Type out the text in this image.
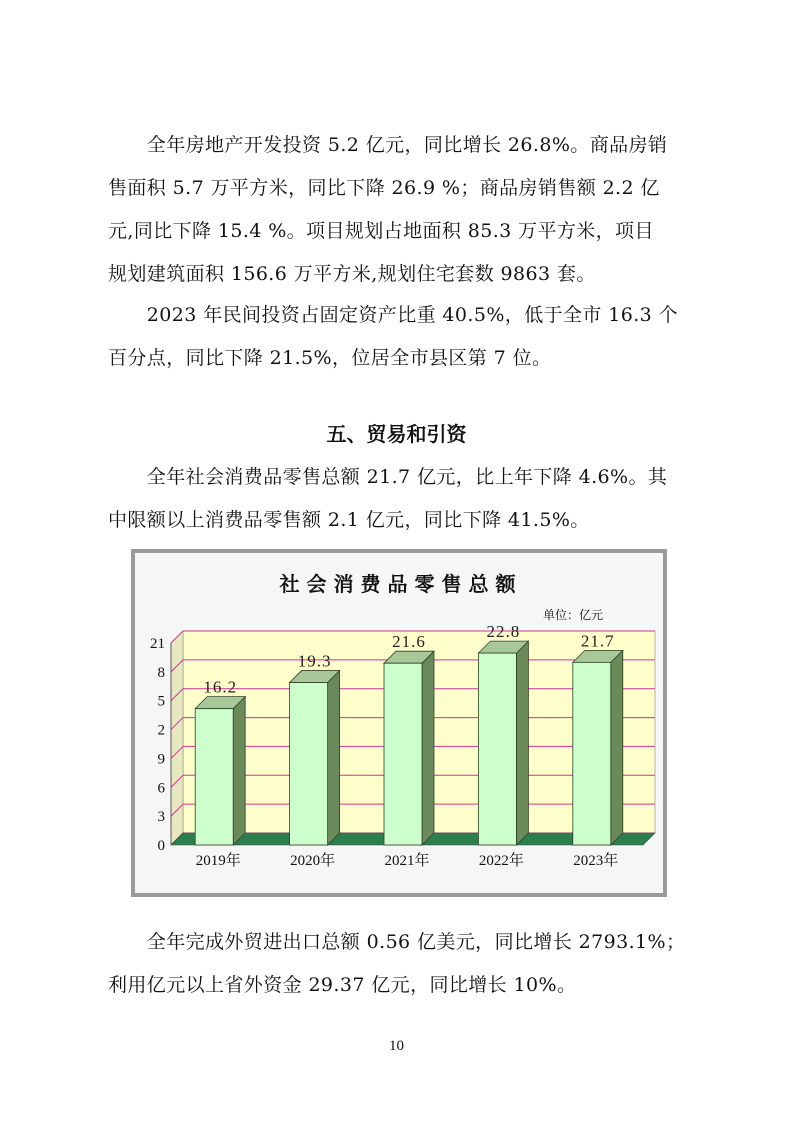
　　全年房地产开发投资 5.2 亿元，同比增长 26.8%。商品房销
售面积 5.7 万平方米，同比下降 26.9 %；商品房销售额 2.2 亿
元,同比下降 15.4 %。项目规划占地面积 85.3 万平方米，项目
规划建筑面积 156.6 万平方米,规划住宅套数 9863 套。
　　2023 年民间投资占固定资产比重 40.5%，低于全市 16.3 个
百分点，同比下降 21.5%，位居全市县区第 7 位。
五、贸易和引资
　　全年社会消费品零售总额 21.7 亿元，比上年下降 4.6%。其
中限额以上消费品零售额 2.1 亿元，同比下降 41.5%。
社会消费品零售总额
单位：亿元
0
3
6
9
2
5
8
21
16.2
2019年
19.3
2020年
21.6
2021年
22.8
2022年
21.7
2023年
　　全年完成外贸进出口总额 0.56 亿美元，同比增长 2793.1%；
利用亿元以上省外资金 29.37 亿元，同比增长 10%。
10
